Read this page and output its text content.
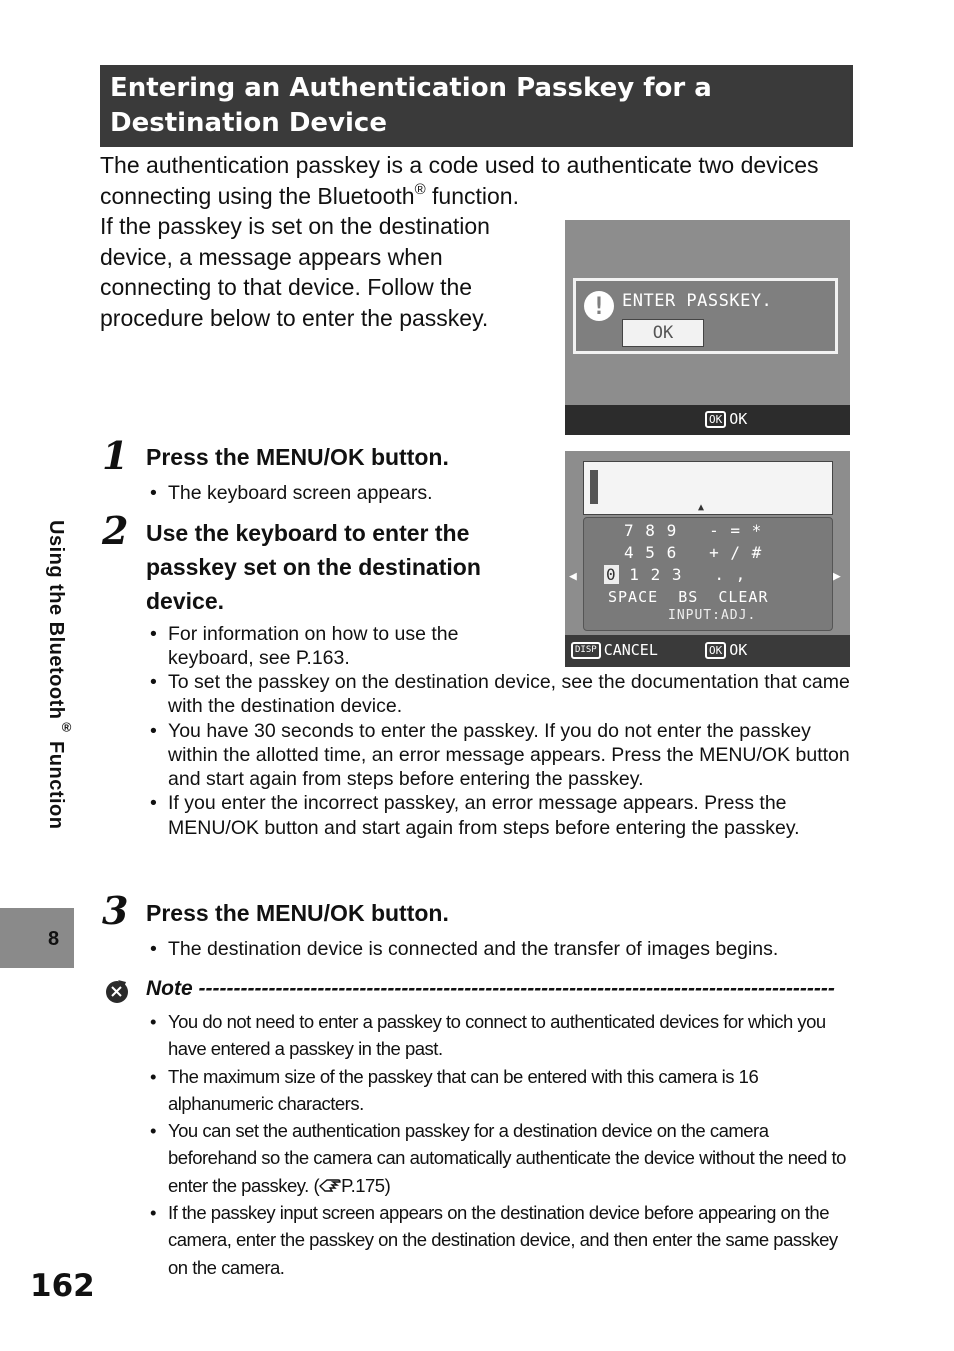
Entering an Authentication Passkey for a
Destination Device
The authentication passkey is a code used to authenticate two devices connecting using the Bluetooth® function.
If the passkey is set on the destination device, a message appears when connecting to that device. Follow the procedure below to enter the passkey.	! ENTER PASSKEY.
OK
OK OK
1 Press the MENU/OK button.
• The keyboard screen appears.
▲
7 8 9 - = *
4 5 6 + / #
0 1 2 3 . ,
SPACE BS CLEAR
INPUT:ADJ.
◀	▶
DISP CANCEL	OK OK
2 Use the keyboard to enter the
passkey set on the destination
device.
• For information on how to use the keyboard, see P.163.
• To set the passkey on the destination device, see the documentation that came with the destination device.
• You have 30 seconds to enter the passkey. If you do not enter the passkey within the allotted time, an error message appears. Press the MENU/OK button and start again from steps before entering the passkey.
• If you enter the incorrect passkey, an error message appears. Press the MENU/OK button and start again from steps before entering the passkey.
3 Press the MENU/OK button.
• The destination device is connected and the transfer of images begins.
Note -------------------------------------------------------------------------------------------
• You do not need to enter a passkey to connect to authenticated devices for which you have entered a passkey in the past.
• The maximum size of the passkey that can be entered with this camera is 16 alphanumeric characters.
• You can set the authentication passkey for a destination device on the camera beforehand so the camera can automatically authenticate the device without the need to enter the passkey. ( P.175)
• If the passkey input screen appears on the destination device before appearing on the camera, enter the passkey on the destination device, and then enter the same passkey on the camera.
Using the Bluetooth® Function
8
162
